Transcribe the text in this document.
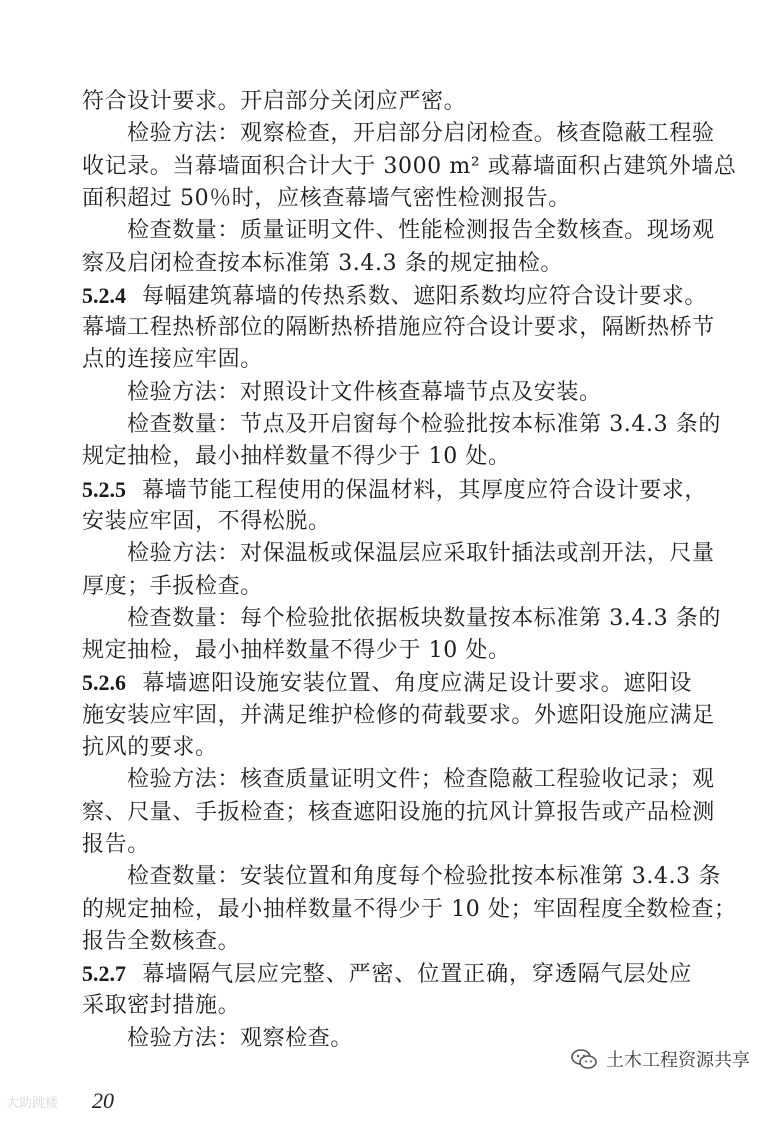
符合设计要求。开启部分关闭应严密。
检验方法：观察检查，开启部分启闭检查。核查隐蔽工程验
收记录。当幕墙面积合计大于 3000 m² 或幕墙面积占建筑外墙总
面积超过 50％时，应核查幕墙气密性检测报告。
检查数量：质量证明文件、性能检测报告全数核查。现场观
察及启闭检查按本标准第 3.4.3 条的规定抽检。
5.2.4 每幅建筑幕墙的传热系数、遮阳系数均应符合设计要求。
幕墙工程热桥部位的隔断热桥措施应符合设计要求，隔断热桥节
点的连接应牢固。
检验方法：对照设计文件核查幕墙节点及安装。
检查数量：节点及开启窗每个检验批按本标准第 3.4.3 条的
规定抽检，最小抽样数量不得少于 10 处。
5.2.5 幕墙节能工程使用的保温材料，其厚度应符合设计要求，
安装应牢固，不得松脱。
检验方法：对保温板或保温层应采取针插法或剖开法，尺量
厚度；手扳检查。
检查数量：每个检验批依据板块数量按本标准第 3.4.3 条的
规定抽检，最小抽样数量不得少于 10 处。
5.2.6 幕墙遮阳设施安装位置、角度应满足设计要求。遮阳设
施安装应牢固，并满足维护检修的荷载要求。外遮阳设施应满足
抗风的要求。
检验方法：核查质量证明文件；检查隐蔽工程验收记录；观
察、尺量、手扳检查；核查遮阳设施的抗风计算报告或产品检测
报告。
检查数量：安装位置和角度每个检验批按本标准第 3.4.3 条
的规定抽检，最小抽样数量不得少于 10 处；牢固程度全数检查；
报告全数核查。
5.2.7 幕墙隔气层应完整、严密、位置正确，穿透隔气层处应
采取密封措施。
检验方法：观察检查。
20
大助跳楼
土木工程资源共享
